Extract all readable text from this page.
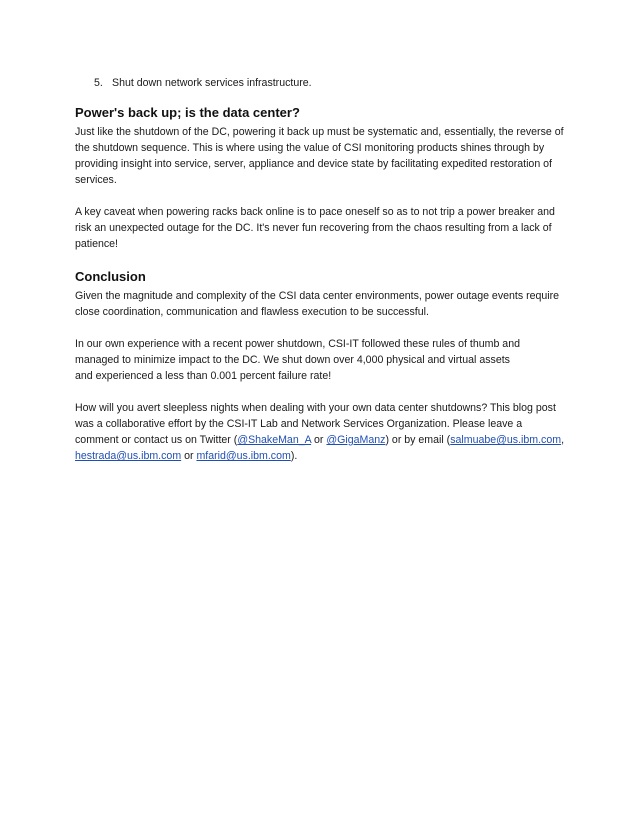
5. Shut down network services infrastructure.
Power's back up; is the data center?

Just like the shutdown of the DC, powering it back up must be systematic and, essentially, the reverse of the shutdown sequence. This is where using the value of CSI monitoring products shines through by providing insight into service, server, appliance and device state by facilitating expedited restoration of services.

A key caveat when powering racks back online is to pace oneself so as to not trip a power breaker and risk an unexpected outage for the DC. It's never fun recovering from the chaos resulting from a lack of patience!

Conclusion

Given the magnitude and complexity of the CSI data center environments, power outage events require close coordination, communication and flawless execution to be successful.

In our own experience with a recent power shutdown, CSI-IT followed these rules of thumb and
managed to minimize impact to the DC. We shut down over 4,000 physical and virtual assets
and experienced a less than 0.001 percent failure rate!

How will you avert sleepless nights when dealing with your own data center shutdowns? This blog post was a collaborative effort by the CSI-IT Lab and Network Services Organization. Please leave a comment or contact us on Twitter (@ShakeMan_A or @GigaManz) or by email (salmuabe@us.ibm.com, hestrada@us.ibm.com or mfarid@us.ibm.com).
